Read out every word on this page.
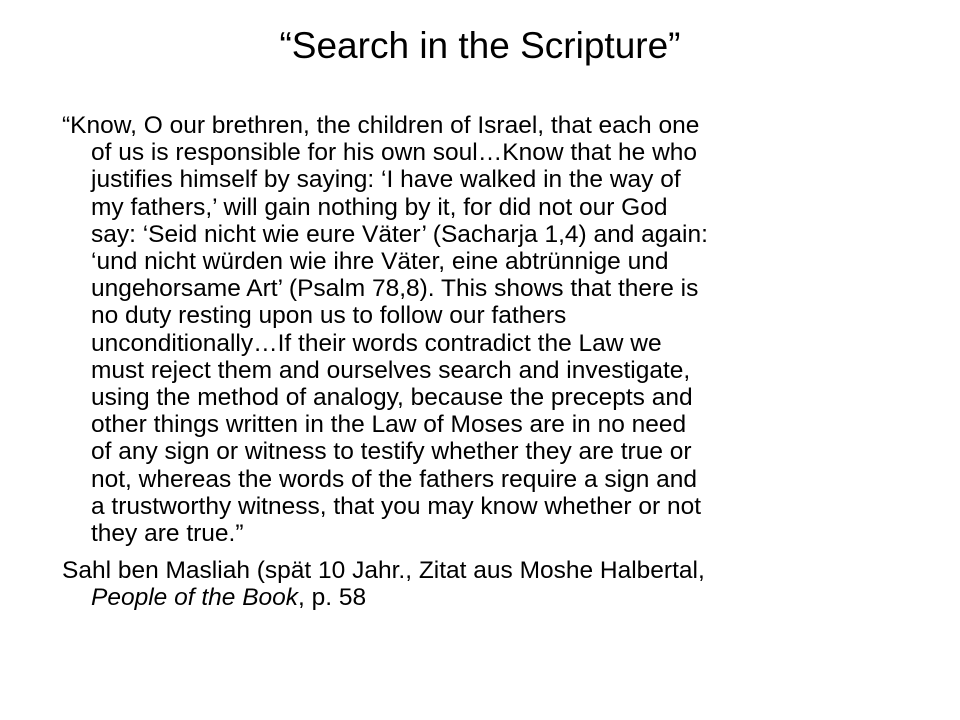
“Search in the Scripture”
“Know, O our brethren, the children of Israel, that each one
of us is responsible for his own soul…Know that he who
justifies himself by saying: ‘I have walked in the way of
my fathers,’ will gain nothing by it, for did not our God
say: ‘Seid nicht wie eure Väter’ (Sacharja 1,4) and again:
‘und nicht würden wie ihre Väter, eine abtrünnige und
ungehorsame Art’ (Psalm 78,8). This shows that there is
no duty resting upon us to follow our fathers
unconditionally…If their words contradict the Law we
must reject them and ourselves search and investigate,
using the method of analogy, because the precepts and
other things written in the Law of Moses are in no need
of any sign or witness to testify whether they are true or
not, whereas the words of the fathers require a sign and
a trustworthy witness, that you may know whether or not
they are true.”
Sahl ben Masliah (spät 10 Jahr., Zitat aus Moshe Halbertal,
People of the Book, p. 58
